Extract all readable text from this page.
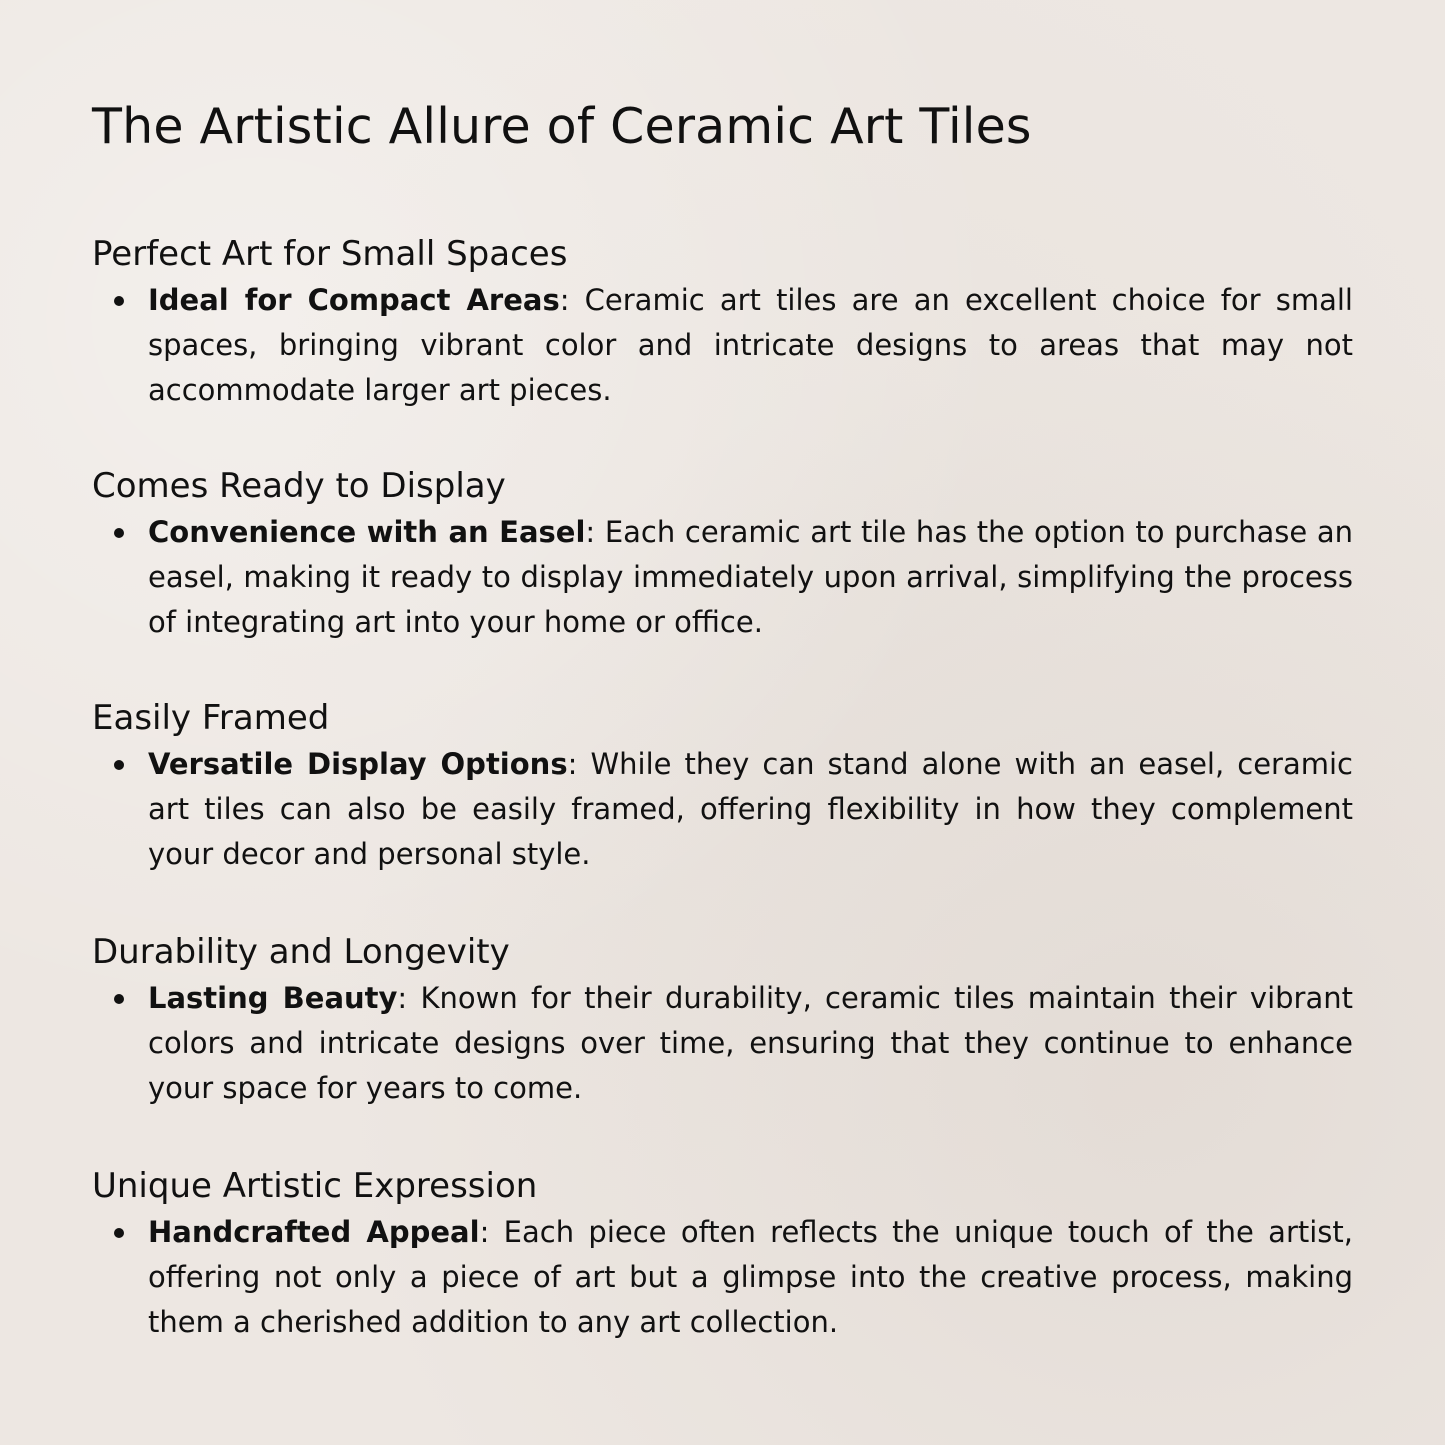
The Artistic Allure of Ceramic Art Tiles
Perfect Art for Small Spaces
Ideal for Compact Areas: Ceramic art tiles are an excellent choice for small spaces, bringing vibrant color and intricate designs to areas that may not accommodate larger art pieces.
Comes Ready to Display
Convenience with an Easel: Each ceramic art tile has the option to purchase an easel, making it ready to display immediately upon arrival, simplifying the process of integrating art into your home or office.
Easily Framed
Versatile Display Options: While they can stand alone with an easel, ceramic art tiles can also be easily framed, offering flexibility in how they complement your decor and personal style.
Durability and Longevity
Lasting Beauty: Known for their durability, ceramic tiles maintain their vibrant colors and intricate designs over time, ensuring that they continue to enhance your space for years to come.
Unique Artistic Expression
Handcrafted Appeal: Each piece often reflects the unique touch of the artist, offering not only a piece of art but a glimpse into the creative process, making them a cherished addition to any art collection.
